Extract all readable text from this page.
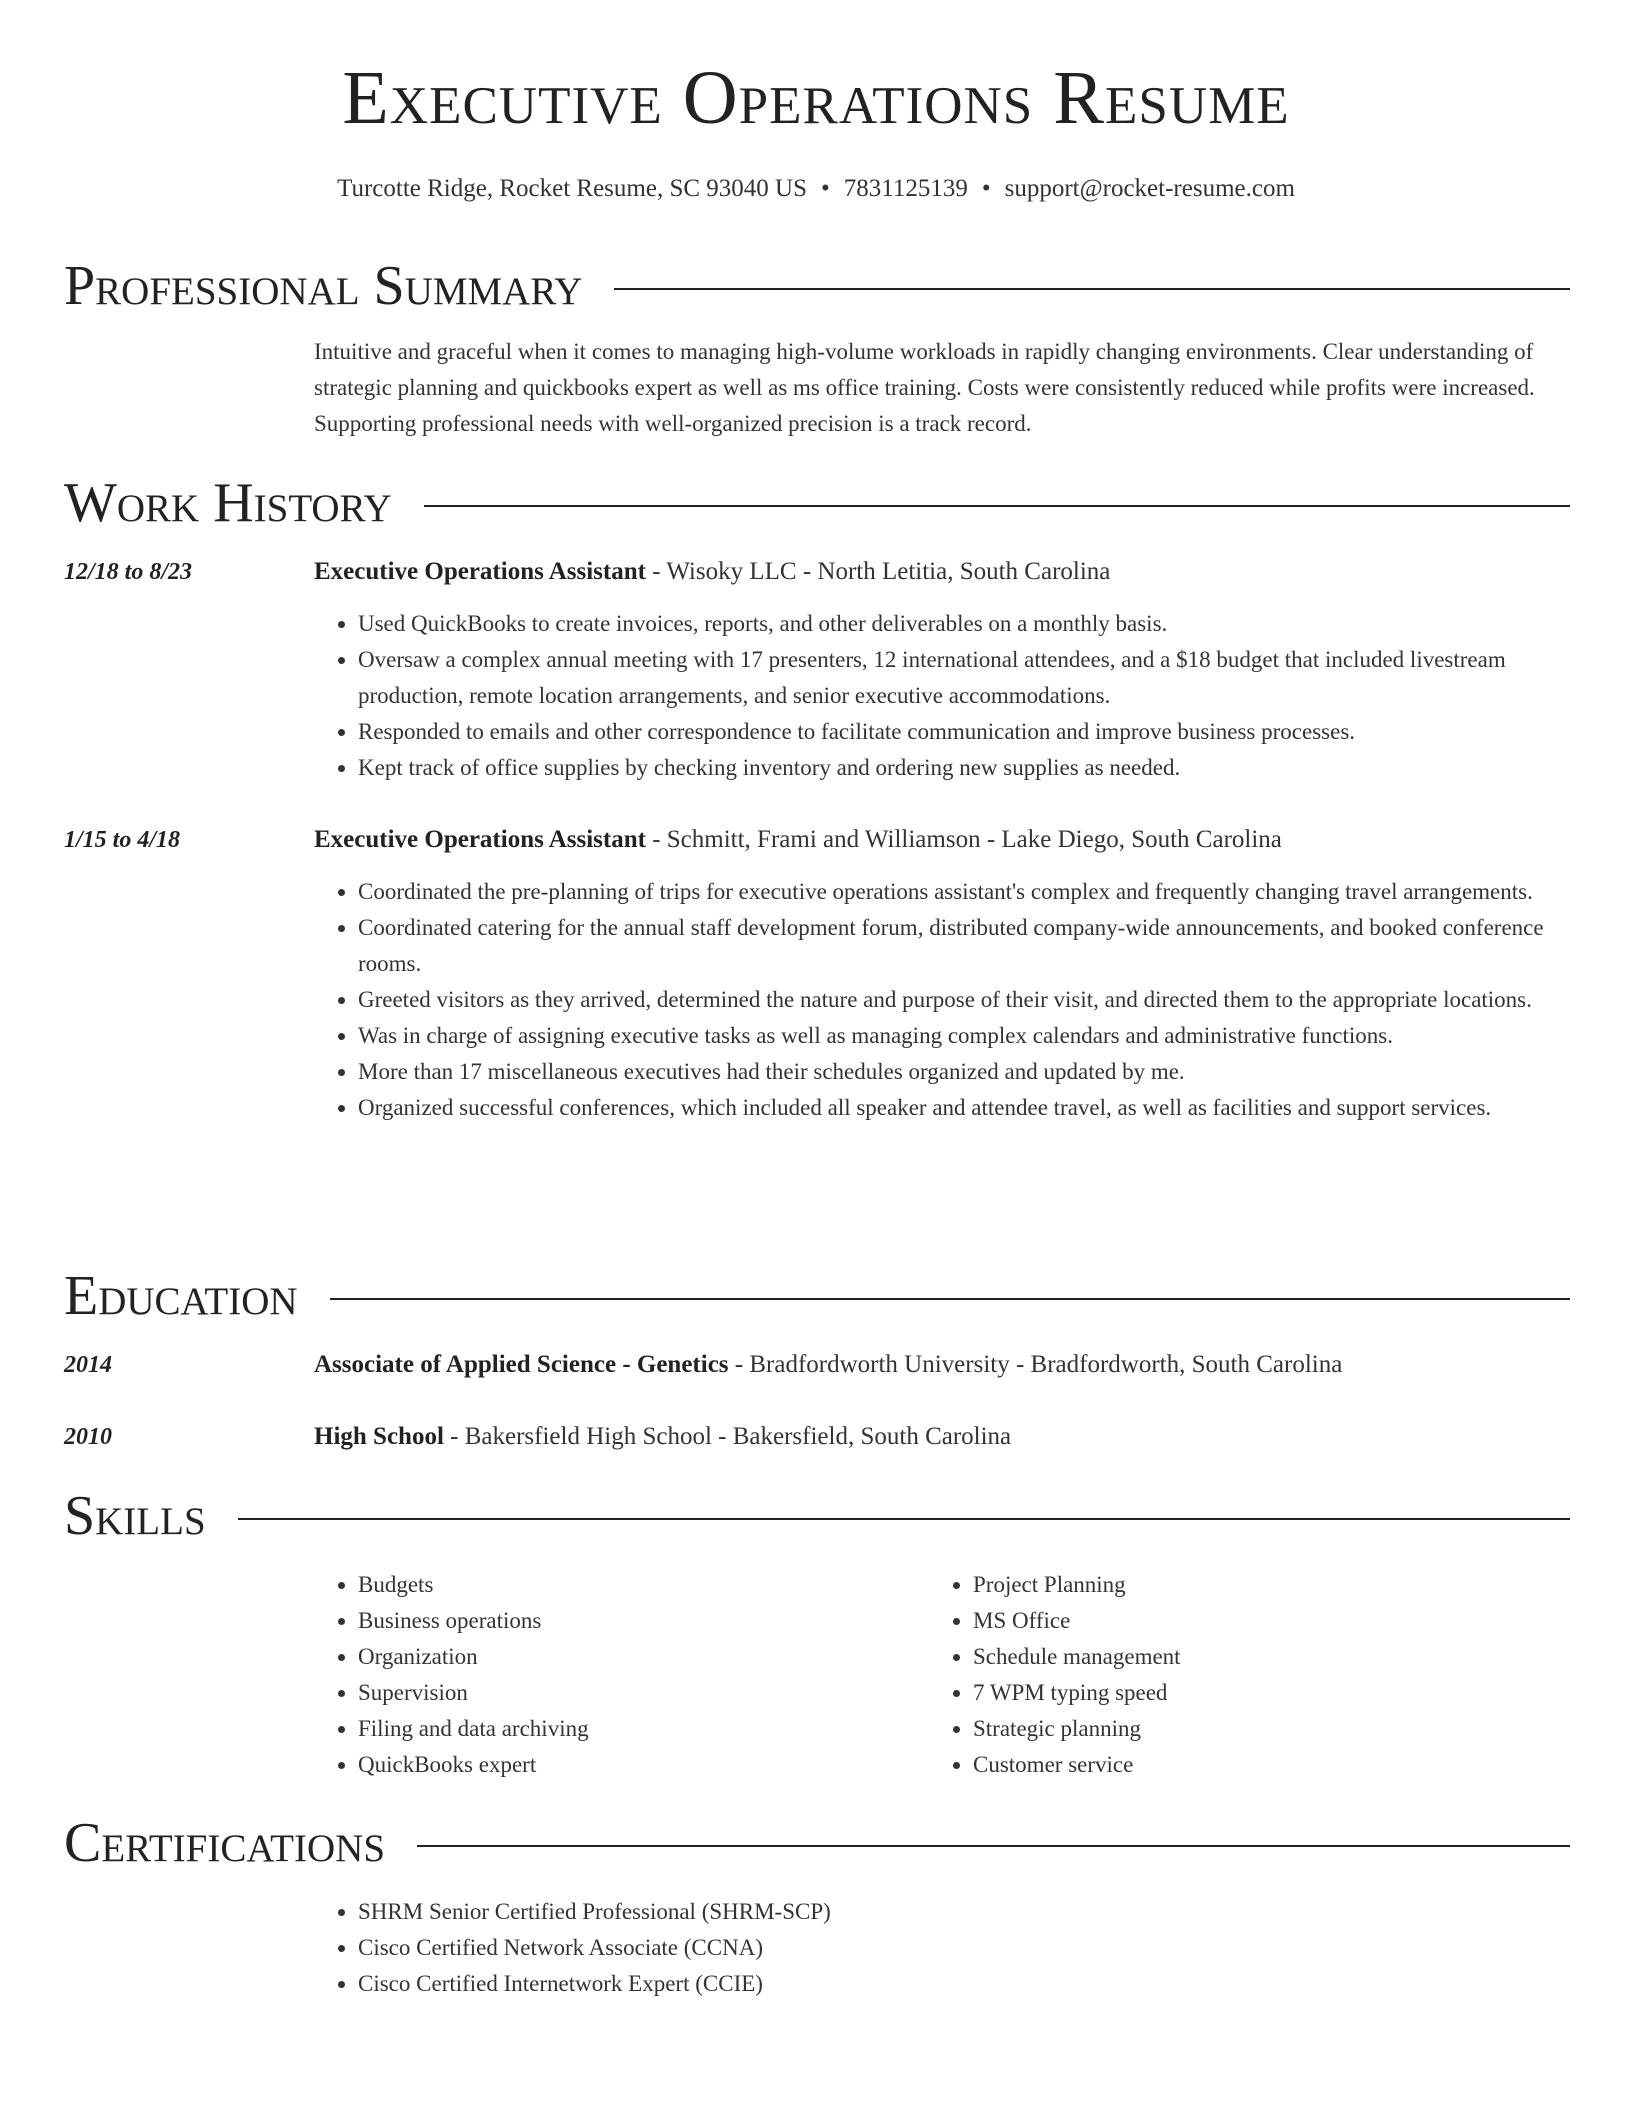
Executive Operations Resume
Turcotte Ridge, Rocket Resume, SC 93040 US • 7831125139 • support@rocket-resume.com
Professional Summary
Intuitive and graceful when it comes to managing high-volume workloads in rapidly changing environments. Clear understanding of strategic planning and quickbooks expert as well as ms office training. Costs were consistently reduced while profits were increased. Supporting professional needs with well-organized precision is a track record.
Work History
12/18 to 8/23	Executive Operations Assistant - Wisoky LLC - North Letitia, South Carolina
• Used QuickBooks to create invoices, reports, and other deliverables on a monthly basis.
• Oversaw a complex annual meeting with 17 presenters, 12 international attendees, and a $18 budget that included livestream production, remote location arrangements, and senior executive accommodations.
• Responded to emails and other correspondence to facilitate communication and improve business processes.
• Kept track of office supplies by checking inventory and ordering new supplies as needed.
1/15 to 4/18	Executive Operations Assistant - Schmitt, Frami and Williamson - Lake Diego, South Carolina
• Coordinated the pre-planning of trips for executive operations assistant's complex and frequently changing travel arrangements.
• Coordinated catering for the annual staff development forum, distributed company-wide announcements, and booked conference rooms.
• Greeted visitors as they arrived, determined the nature and purpose of their visit, and directed them to the appropriate locations.
• Was in charge of assigning executive tasks as well as managing complex calendars and administrative functions.
• More than 17 miscellaneous executives had their schedules organized and updated by me.
• Organized successful conferences, which included all speaker and attendee travel, as well as facilities and support services.
Education
2014	Associate of Applied Science - Genetics - Bradfordworth University - Bradfordworth, South Carolina
2010	High School - Bakersfield High School - Bakersfield, South Carolina
Skills
• Budgets
• Business operations
• Organization
• Supervision
• Filing and data archiving
• QuickBooks expert
• Project Planning
• MS Office
• Schedule management
• 7 WPM typing speed
• Strategic planning
• Customer service
Certifications
• SHRM Senior Certified Professional (SHRM-SCP)
• Cisco Certified Network Associate (CCNA)
• Cisco Certified Internetwork Expert (CCIE)
